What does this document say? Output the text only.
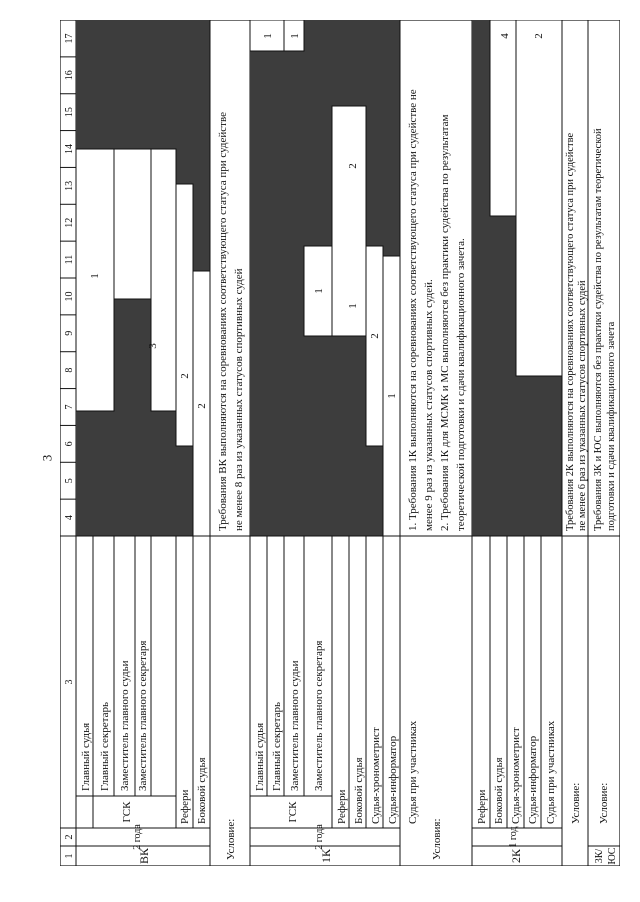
3
1
2
3
4
5
6
7
8
9
10
11
12
13
14
15
16
17
1
3
2
2
ВК
2 года
ГСК
Главный судья Главный секретарь Заместитель главного судьи Заместитель главного секретаря
Рефери Боковой судья
Условие:
Требования ВК выполняются на соревнованиях соответствующего статуса при судействе не менее 8 раз из указанных статусов спортивных судей
1 1
1
2
2
1
1
1К
2 года
ГСК
Главный судья Главный секретарь Заместитель главного судьи Заместитель главного секретаря
Рефери Боковой судья Судья-хронометрист Судья-информатор
Условия:
Судья при участниках
1. Требования 1К выполняются на соревнованиях соответствующего статуса при судействе не менее 9 раз из указанных статусов спортивных судей. 2. Требования 1К для МСМК и МС выполняются без практики судейства по результатам теоретической подготовки и сдачи квалификационного зачета.
4 2
2К
1 год
Рефери Боковой судья Судья-хронометрист Судья-информатор Судья при участниках Условие:
Требования 2К выполняются на соревнованиях соответствующего статуса при судействе не менее 6 раз из указанных статусов спортивных судей
3К/ ЮС
Условие:
Требования 3К и ЮС выполняются без практики судейства по результатам теоретической подготовки и сдачи квалификационного зачета
